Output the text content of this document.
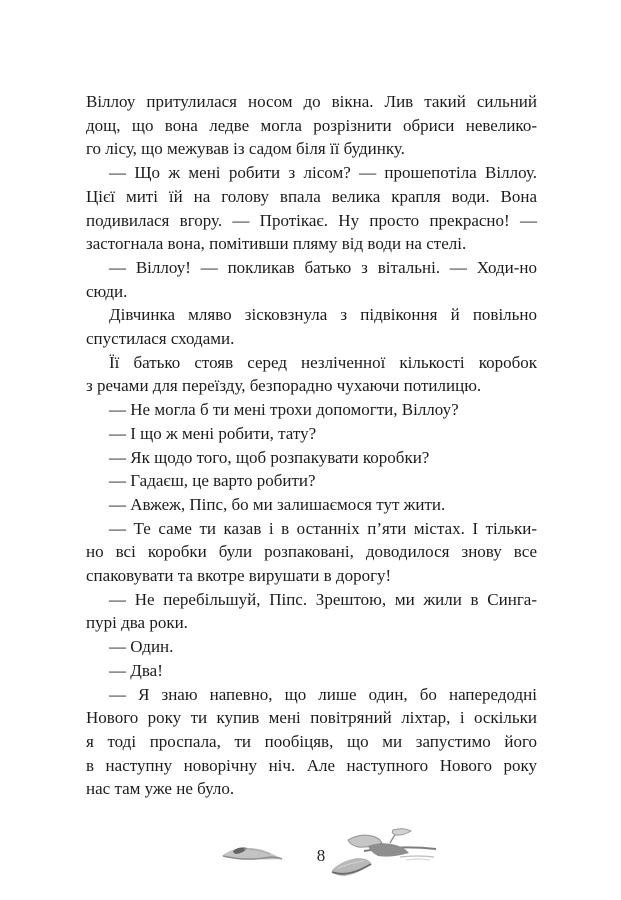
Віллоу притулилася носом до вікна. Лив такий сильний
дощ, що вона ледве могла розрізнити обриси невелико-
го лісу, що межував із садом біля її будинку.

— Що ж мені робити з лісом? — прошепотіла Віллоу.
Цієї миті їй на голову впала велика крапля води. Вона
подивилася вгору. — Протікає. Ну просто прекрасно! —
застогнала вона, помітивши пляму від води на стелі.

— Віллоу! — покликав батько з вітальні. — Ходи-но
сюди.

Дівчинка мляво зісковзнула з підвіконня й повільно
спустилася сходами.

Її батько стояв серед незліченної кількості коробок
з речами для переїзду, безпорадно чухаючи потилицю.

— Не могла б ти мені трохи допомогти, Віллоу?

— І що ж мені робити, тату?

— Як щодо того, щоб розпакувати коробки?

— Гадаєш, це варто робити?

— Авжеж, Піпс, бо ми залишаємося тут жити.

— Те саме ти казав і в останніх п’яти містах. І тільки-
но всі коробки були розпаковані, доводилося знову все
спаковувати та вкотре вирушати в дорогу!

— Не перебільшуй, Піпс. Зрештою, ми жили в Синга-
пурі два роки.

— Один.

— Два!

— Я знаю напевно, що лише один, бо напередодні
Нового року ти купив мені повітряний ліхтар, і оскільки
я тоді проспала, ти пообіцяв, що ми запустимо його
в наступну новорічну ніч. Але наступного Нового року
нас там уже не було.

8
